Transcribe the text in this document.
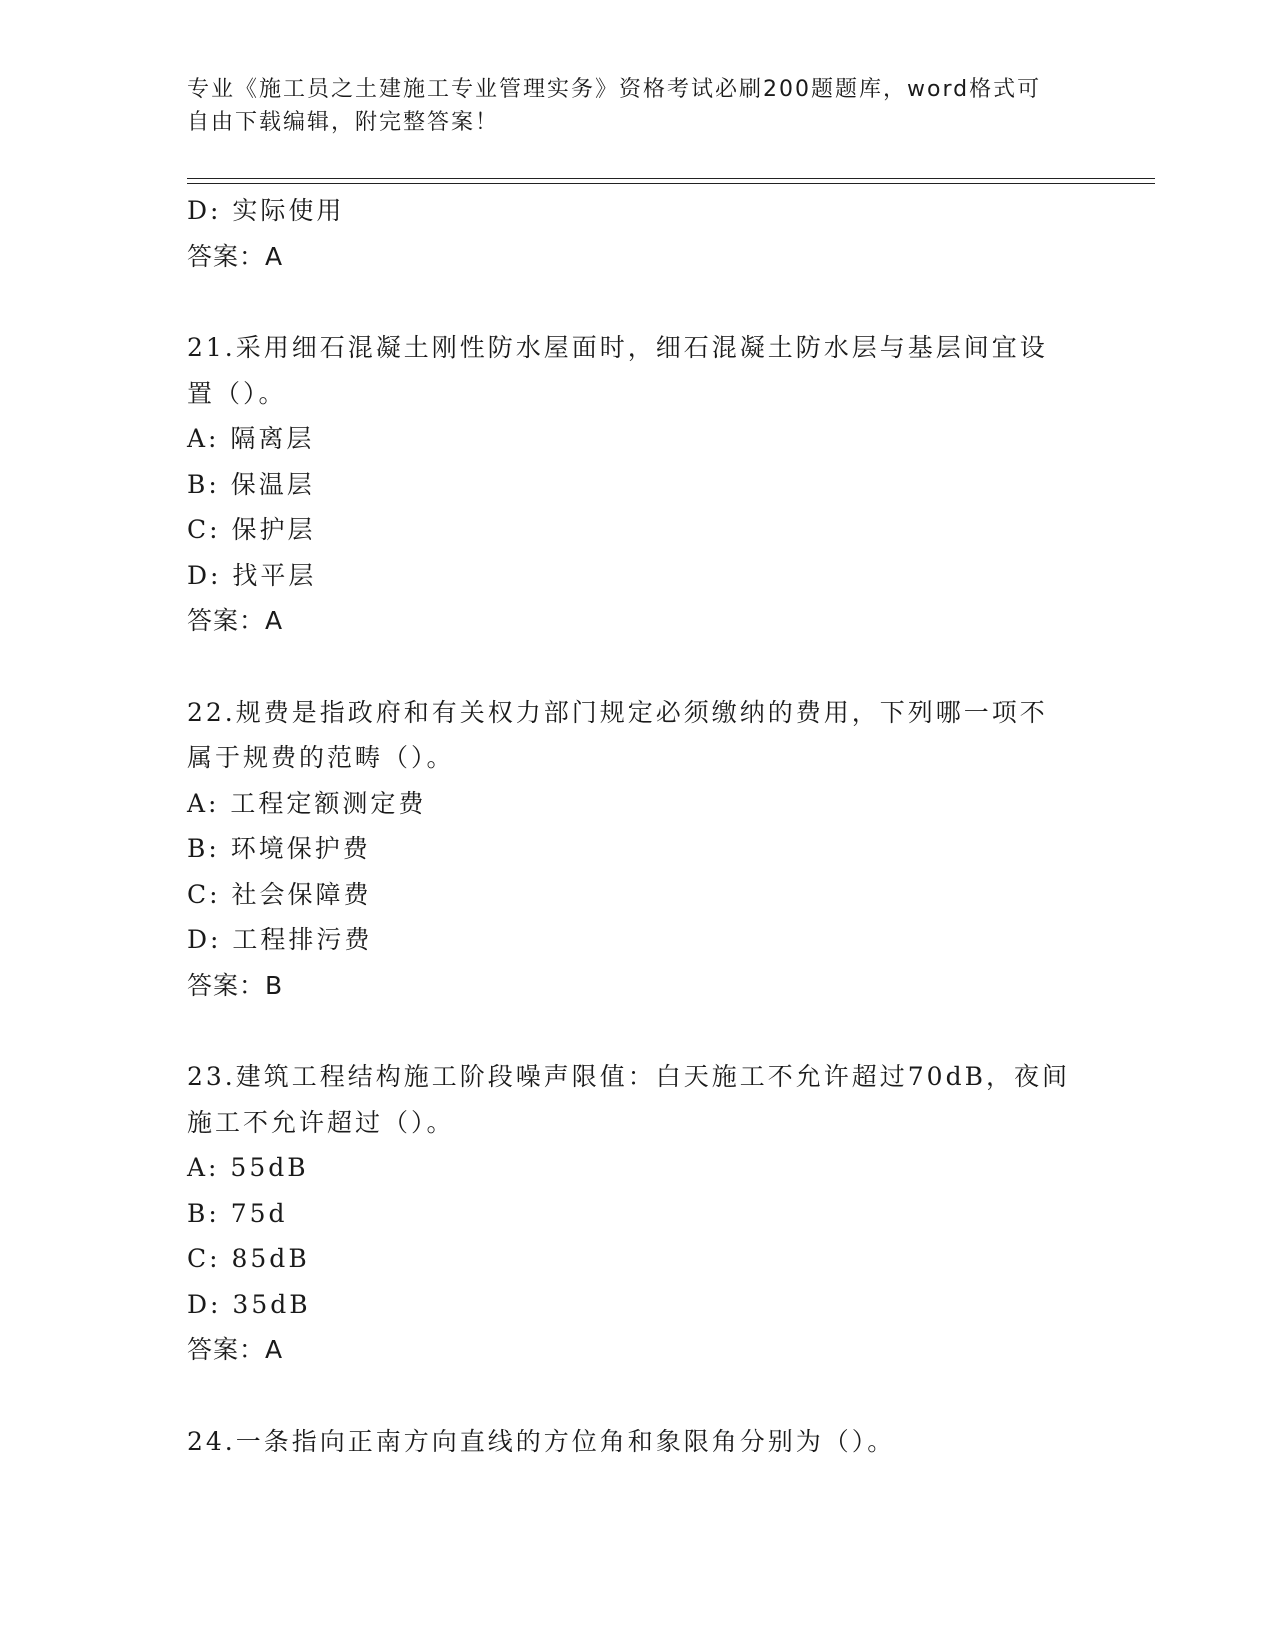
专业《施工员之土建施工专业管理实务》资格考试必刷200题题库，word格式可
自由下载编辑，附完整答案！
D: 实际使用
答案：A
21.采用细石混凝土刚性防水屋面时，细石混凝土防水层与基层间宜设
置（）。
A: 隔离层
B: 保温层
C: 保护层
D: 找平层
答案：A
22.规费是指政府和有关权力部门规定必须缴纳的费用，下列哪一项不
属于规费的范畴（）。
A: 工程定额测定费
B: 环境保护费
C: 社会保障费
D: 工程排污费
答案：B
23.建筑工程结构施工阶段噪声限值：白天施工不允许超过70dB，夜间
施工不允许超过（）。
A: 55dB
B: 75d
C: 85dB
D: 35dB
答案：A
24.一条指向正南方向直线的方位角和象限角分别为（）。
